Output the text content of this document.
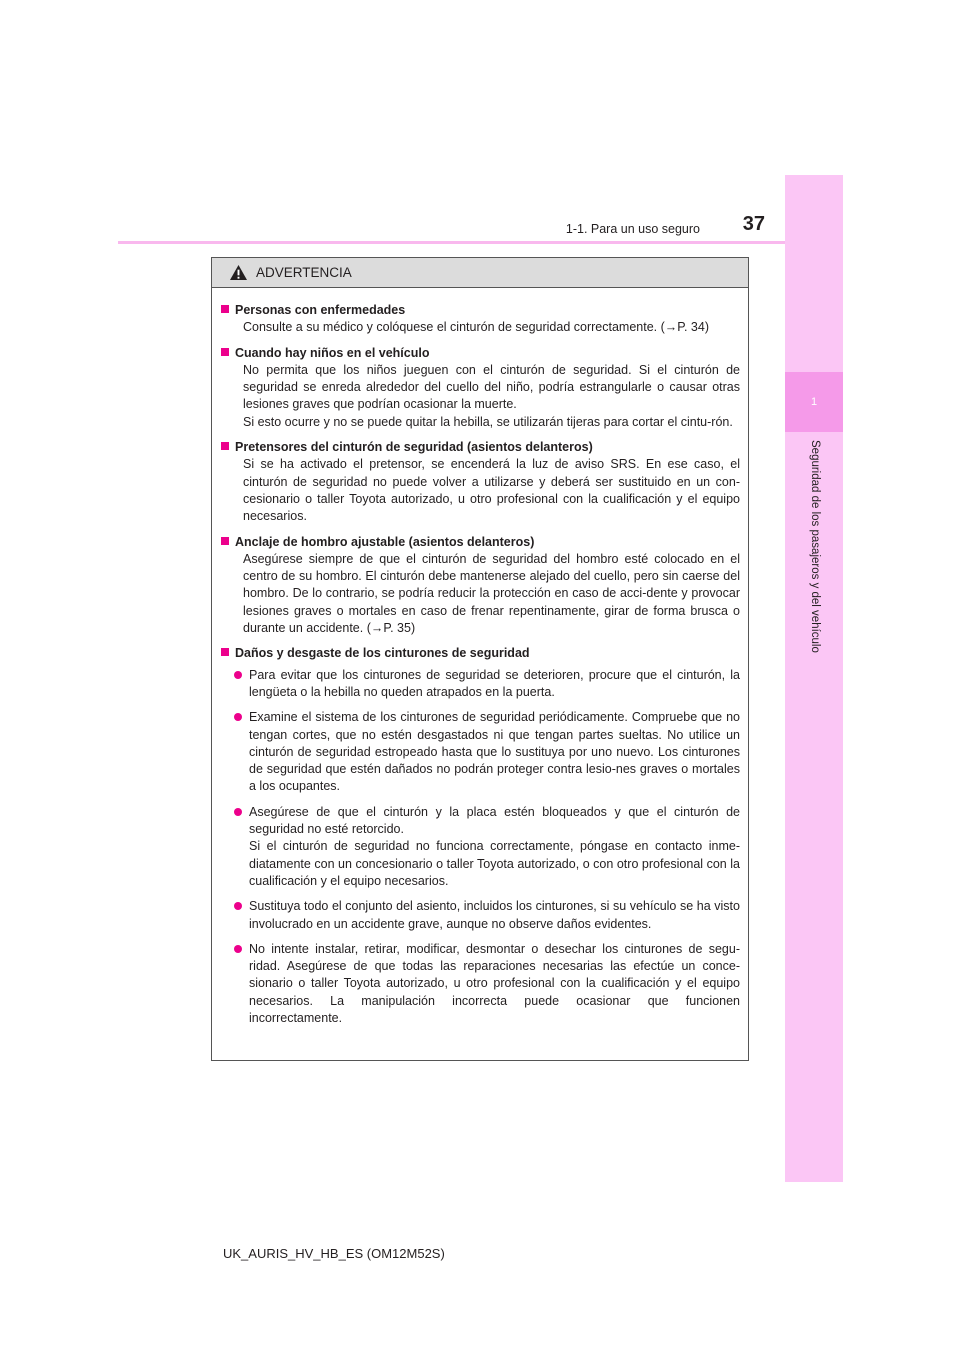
1
Seguridad de los pasajeros y del vehículo
1-1. Para un uso seguro	37
ADVERTENCIA
Personas con enfermedades
Consulte a su médico y colóquese el cinturón de seguridad correctamente. (→P. 34)
Cuando hay niños en el vehículo
No permita que los niños jueguen con el cinturón de seguridad. Si el cinturón de seguridad se enreda alrededor del cuello del niño, podría estrangularle o causar otras lesiones graves que podrían ocasionar la muerte.
Si esto ocurre y no se puede quitar la hebilla, se utilizarán tijeras para cortar el cintu-rón.
Pretensores del cinturón de seguridad (asientos delanteros)
Si se ha activado el pretensor, se encenderá la luz de aviso SRS. En ese caso, el cinturón de seguridad no puede volver a utilizarse y deberá ser sustituido en un con-cesionario o taller Toyota autorizado, u otro profesional con la cualificación y el equipo necesarios.
Anclaje de hombro ajustable (asientos delanteros)
Asegúrese siempre de que el cinturón de seguridad del hombro esté colocado en el centro de su hombro. El cinturón debe mantenerse alejado del cuello, pero sin caerse del hombro. De lo contrario, se podría reducir la protección en caso de acci-dente y provocar lesiones graves o mortales en caso de frenar repentinamente, girar de forma brusca o durante un accidente. (→P. 35)
Daños y desgaste de los cinturones de seguridad
Para evitar que los cinturones de seguridad se deterioren, procure que el cinturón, la lengüeta o la hebilla no queden atrapados en la puerta.
Examine el sistema de los cinturones de seguridad periódicamente. Compruebe que no tengan cortes, que no estén desgastados ni que tengan partes sueltas. No utilice un cinturón de seguridad estropeado hasta que lo sustituya por uno nuevo. Los cinturones de seguridad que estén dañados no podrán proteger contra lesio-nes graves o mortales a los ocupantes.
Asegúrese de que el cinturón y la placa estén bloqueados y que el cinturón de seguridad no esté retorcido.
Si el cinturón de seguridad no funciona correctamente, póngase en contacto inme-diatamente con un concesionario o taller Toyota autorizado, o con otro profesional con la cualificación y el equipo necesarios.
Sustituya todo el conjunto del asiento, incluidos los cinturones, si su vehículo se ha visto involucrado en un accidente grave, aunque no observe daños evidentes.
No intente instalar, retirar, modificar, desmontar o desechar los cinturones de segu-ridad. Asegúrese de que todas las reparaciones necesarias las efectúe un conce-sionario o taller Toyota autorizado, u otro profesional con la cualificación y el equipo necesarios. La manipulación incorrecta puede ocasionar que funcionen incorrectamente.
UK_AURIS_HV_HB_ES (OM12M52S)
